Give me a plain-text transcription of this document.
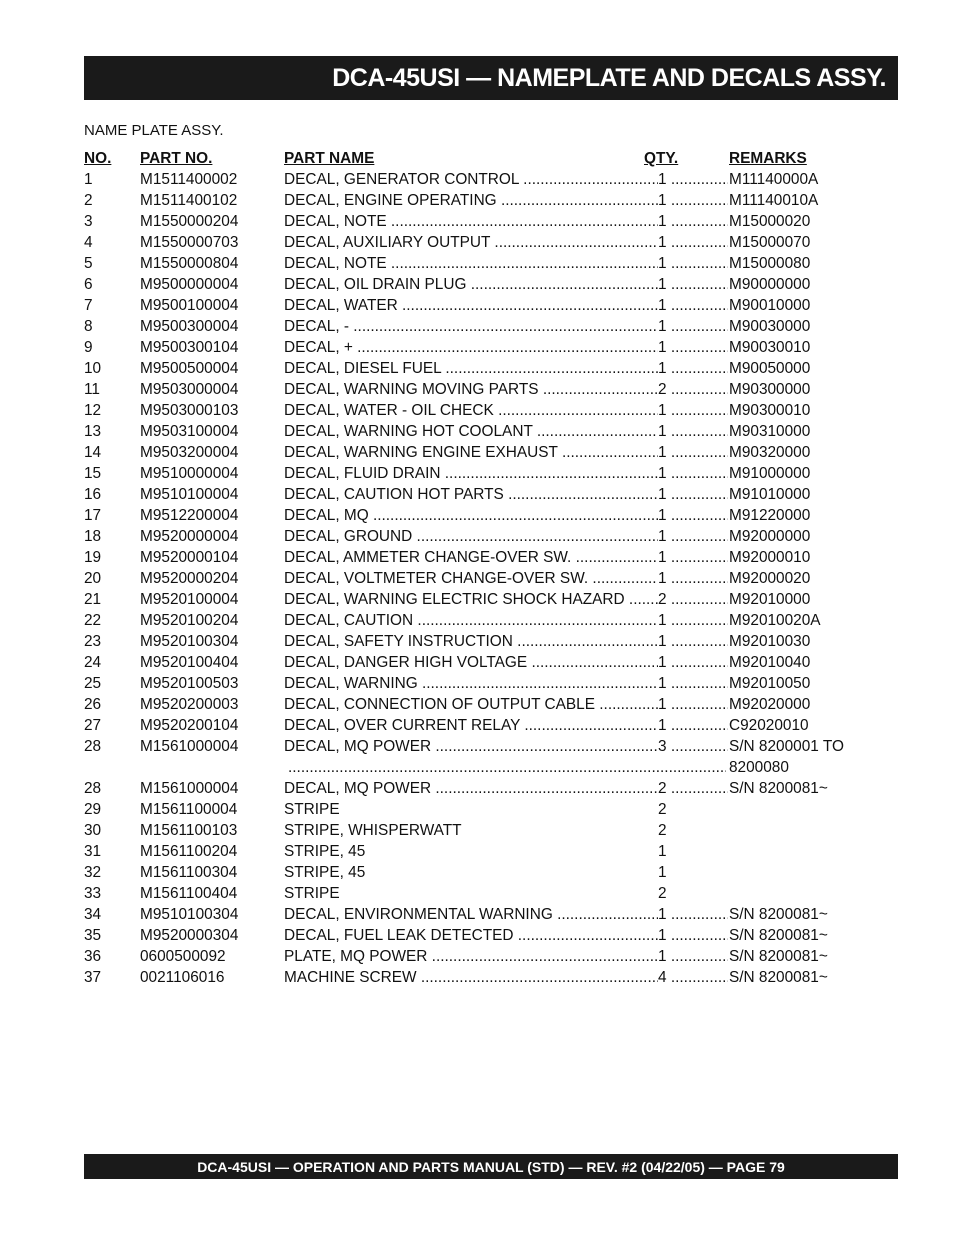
DCA-45USI — NAMEPLATE AND DECALS ASSY.
NAME PLATE ASSY.
NO. PART NO.	PART NAME	QTY.	REMARKS
1	M1511400002	DECAL, GENERATOR CONTROL .....	1 .....	M11140000A
2	M1511400102	DECAL, ENGINE OPERATING .....	1 .....	M11140010A
3	M1550000204	DECAL, NOTE .....	1 .....	M15000020
4	M1550000703	DECAL, AUXILIARY OUTPUT .....	1 .....	M15000070
5	M1550000804	DECAL, NOTE .....	1 .....	M15000080
6	M9500000004	DECAL, OIL DRAIN PLUG .....	1 .....	M90000000
7	M9500100004	DECAL, WATER .....	1 .....	M90010000
8	M9500300004	DECAL, - .....	1 .....	M90030000
9	M9500300104	DECAL, + .....	1 .....	M90030010
10	M9500500004	DECAL, DIESEL FUEL .....	1 .....	M90050000
11	M9503000004	DECAL, WARNING MOVING PARTS .....	2 .....	M90300000
12	M9503000103	DECAL, WATER - OIL CHECK .....	1 .....	M90300010
13	M9503100004	DECAL, WARNING HOT COOLANT .....	1 .....	M90310000
14	M9503200004	DECAL, WARNING ENGINE EXHAUST .....	1 .....	M90320000
15	M9510000004	DECAL, FLUID DRAIN .....	1 .....	M91000000
16	M9510100004	DECAL, CAUTION HOT PARTS .....	1 .....	M91010000
17	M9512200004	DECAL, MQ .....	1 .....	M91220000
18	M9520000004	DECAL, GROUND .....	1 .....	M92000000
19	M9520000104	DECAL, AMMETER CHANGE-OVER SW. .....	1 .....	M92000010
20	M9520000204	DECAL, VOLTMETER CHANGE-OVER SW. .....	1 .....	M92000020
21	M9520100004	DECAL, WARNING ELECTRIC SHOCK HAZARD .....	2 .....	M92010000
22	M9520100204	DECAL, CAUTION .....	1 .....	M92010020A
23	M9520100304	DECAL, SAFETY INSTRUCTION .....	1 .....	M92010030
24	M9520100404	DECAL, DANGER HIGH VOLTAGE .....	1 .....	M92010040
25	M9520100503	DECAL, WARNING .....	1 .....	M92010050
26	M9520200003	DECAL, CONNECTION OF OUTPUT CABLE .....	1 .....	M92020000
27	M9520200104	DECAL, OVER CURRENT RELAY .....	1 .....	C92020010
28	M1561000004	DECAL, MQ POWER .....	3 .....	S/N 8200001 TO
.....
8200080
28	M1561000004	DECAL, MQ POWER .....	2 .....	S/N 8200081~
29	M1561100004	STRIPE	2
30	M1561100103	STRIPE, WHISPERWATT	2
31	M1561100204	STRIPE, 45	1
32	M1561100304	STRIPE, 45	1
33	M1561100404	STRIPE	2
34	M9510100304	DECAL, ENVIRONMENTAL WARNING .....	1 .....	S/N 8200081~
35	M9520000304	DECAL, FUEL LEAK DETECTED .....	1 .....	S/N 8200081~
36	0600500092	PLATE, MQ POWER .....	1 .....	S/N 8200081~
37	0021106016	MACHINE SCREW .....	4 .....	S/N 8200081~
DCA-45USI — OPERATION AND PARTS MANUAL (STD) — REV. #2 (04/22/05) — PAGE 79
